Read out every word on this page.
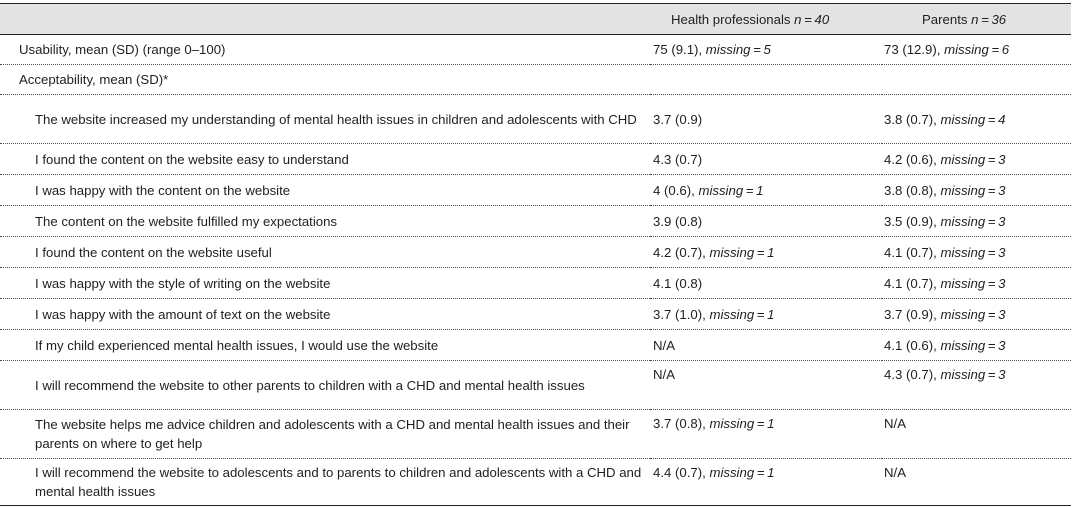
	Health professionals n = 40	Parents n = 36
Usability, mean (SD) (range 0–100)	75 (9.1), missing = 5	73 (12.9), missing = 6
Acceptability, mean (SD)*		
The website increased my understanding of mental health issues in children and adolescents with CHD	3.7 (0.9)	3.8 (0.7), missing = 4
I found the content on the website easy to understand	4.3 (0.7)	4.2 (0.6), missing = 3
I was happy with the content on the website	4 (0.6), missing = 1	3.8 (0.8), missing = 3
The content on the website fulfilled my expectations	3.9 (0.8)	3.5 (0.9), missing = 3
I found the content on the website useful	4.2 (0.7), missing = 1	4.1 (0.7), missing = 3
I was happy with the style of writing on the website	4.1 (0.8)	4.1 (0.7), missing = 3
I was happy with the amount of text on the website	3.7 (1.0), missing = 1	3.7 (0.9), missing = 3
If my child experienced mental health issues, I would use the website	N/A	4.1 (0.6), missing = 3
I will recommend the website to other parents to children with a CHD and mental health issues	N/A	4.3 (0.7), missing = 3
The website helps me advice children and adolescents with a CHD and mental health issues and their parents on where to get help	3.7 (0.8), missing = 1	N/A
I will recommend the website to adolescents and to parents to children and adolescents with a CHD and mental health issues	4.4 (0.7), missing = 1	N/A
